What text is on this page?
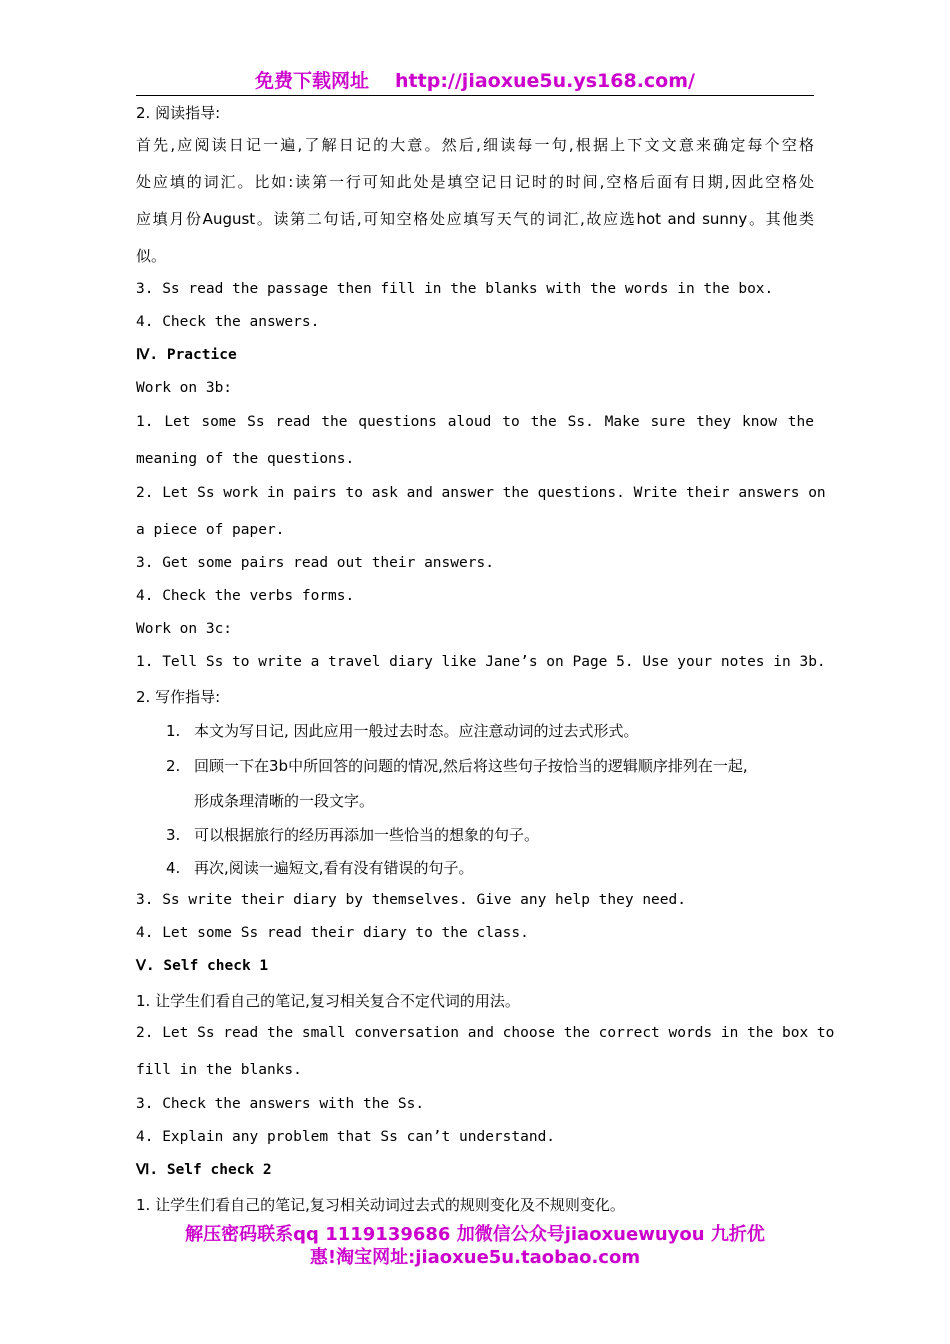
免费下载网址 http://jiaoxue5u.ys168.com/
2. 阅读指导:
首先,应阅读日记一遍,了解日记的大意。然后,细读每一句,根据上下文文意来确定每个空格
处应填的词汇。比如:读第一行可知此处是填空记日记时的时间,空格后面有日期,因此空格处
应填月份August。读第二句话,可知空格处应填写天气的词汇,故应选hot and sunny。其他类
似。
3. Ss read the passage then fill in the blanks with the words in the box.
4. Check the answers.
Ⅳ. Practice
Work on 3b:
1. Let some Ss read the questions aloud to the Ss. Make sure they know the
meaning of the questions.
2. Let Ss work in pairs to ask and answer the questions. Write their answers on
a piece of paper.
3. Get some pairs read out their answers.
4. Check the verbs forms.
Work on 3c:
1. Tell Ss to write a travel diary like Jane’s on Page 5. Use your notes in 3b.
2. 写作指导:
1. 本文为写日记, 因此应用一般过去时态。应注意动词的过去式形式。
2. 回顾一下在3b中所回答的问题的情况,然后将这些句子按恰当的逻辑顺序排列在一起,
形成条理清晰的一段文字。
3. 可以根据旅行的经历再添加一些恰当的想象的句子。
4. 再次,阅读一遍短文,看有没有错误的句子。
3. Ss write their diary by themselves. Give any help they need.
4. Let some Ss read their diary to the class.
Ⅴ. Self check 1
1. 让学生们看自己的笔记,复习相关复合不定代词的用法。
2. Let Ss read the small conversation and choose the correct words in the box to
fill in the blanks.
3. Check the answers with the Ss.
4. Explain any problem that Ss can’t understand.
Ⅵ. Self check 2
1. 让学生们看自己的笔记,复习相关动词过去式的规则变化及不规则变化。
解压密码联系qq 1119139686 加微信公众号jiaoxuewuyou 九折优
惠!淘宝网址:jiaoxue5u.taobao.com
